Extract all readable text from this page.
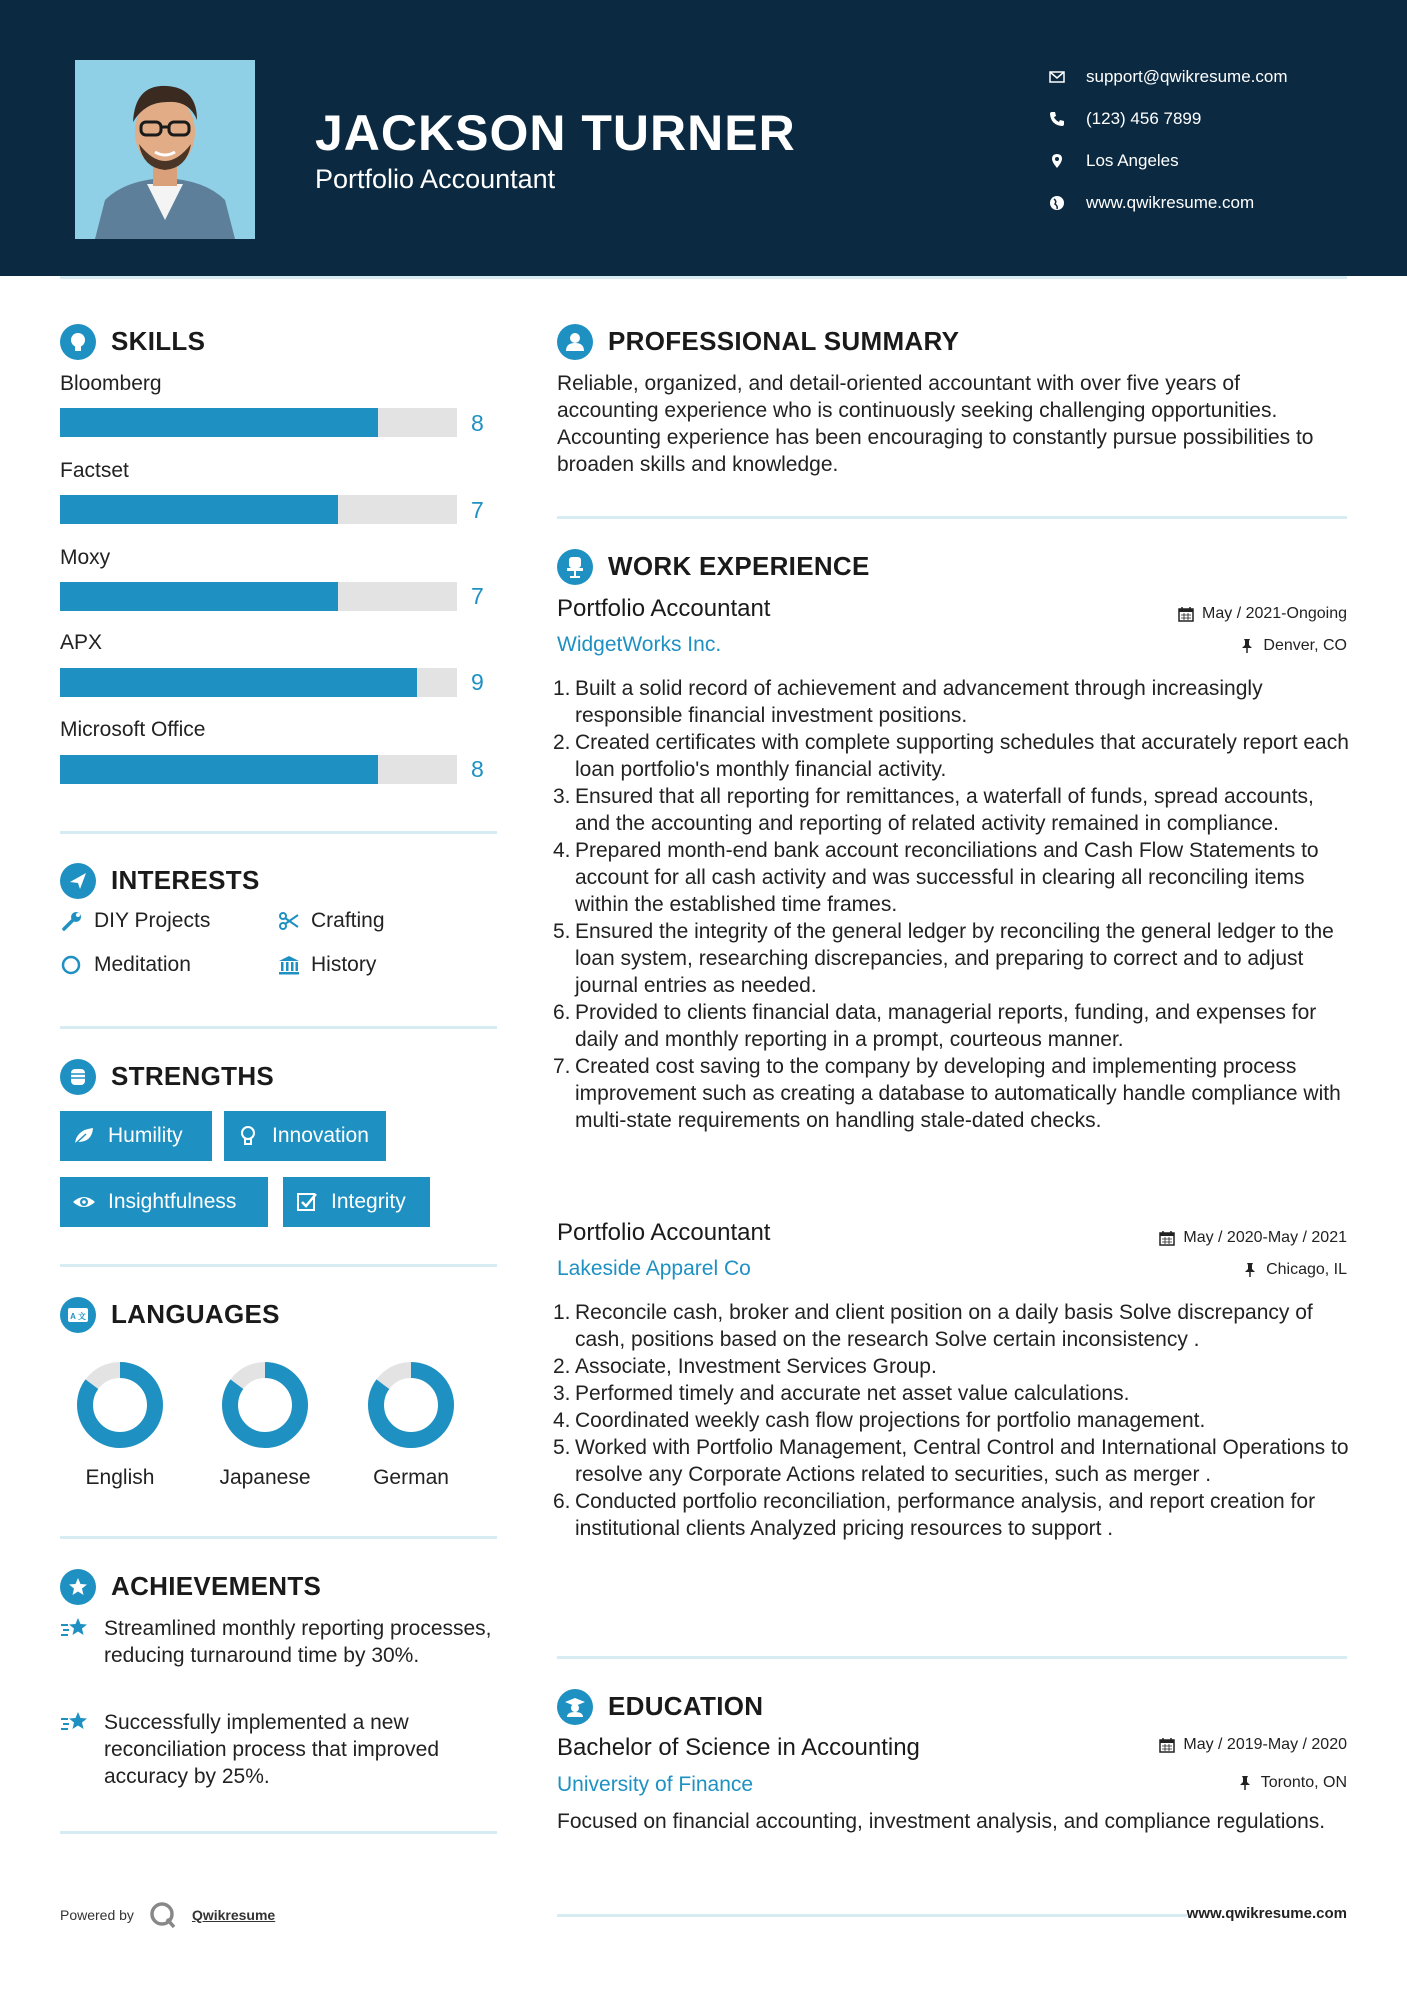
JACKSON TURNER
Portfolio Accountant
support@qwikresume.com
(123) 456 7899
Los Angeles
www.qwikresume.com
SKILLS
Bloomberg
8
Factset
7
Moxy
7
APX
9
Microsoft Office
8
INTERESTS
DIY Projects	Crafting
Meditation	History
STRENGTHS
Humility	Innovation
Insightfulness	Integrity
A 文 LANGUAGES
English	Japanese	German
ACHIEVEMENTS
Streamlined monthly reporting processes, reducing turnaround time by 30%.
Successfully implemented a new reconciliation process that improved accuracy by 25%.
Powered by	Qwikresume
PROFESSIONAL SUMMARY
Reliable, organized, and detail-oriented accountant with over five years of accounting experience who is continuously seeking challenging opportunities. Accounting experience has been encouraging to constantly pursue possibilities to broaden skills and knowledge.
WORK EXPERIENCE
Portfolio Accountant	May / 2021-Ongoing
WidgetWorks Inc.	Denver, CO
1. Built a solid record of achievement and advancement through increasingly responsible financial investment positions.
2. Created certificates with complete supporting schedules that accurately report each loan portfolio's monthly financial activity.
3. Ensured that all reporting for remittances, a waterfall of funds, spread accounts, and the accounting and reporting of related activity remained in compliance.
4. Prepared month-end bank account reconciliations and Cash Flow Statements to account for all cash activity and was successful in clearing all reconciling items within the established time frames.
5. Ensured the integrity of the general ledger by reconciling the general ledger to the loan system, researching discrepancies, and preparing to correct and to adjust journal entries as needed.
6. Provided to clients financial data, managerial reports, funding, and expenses for daily and monthly reporting in a prompt, courteous manner.
7. Created cost saving to the company by developing and implementing process improvement such as creating a database to automatically handle compliance with multi-state requirements on handling stale-dated checks.
Portfolio Accountant	May / 2020-May / 2021
Lakeside Apparel Co	Chicago, IL
1. Reconcile cash, broker and client position on a daily basis Solve discrepancy of cash, positions based on the research Solve certain inconsistency .
2. Associate, Investment Services Group.
3. Performed timely and accurate net asset value calculations.
4. Coordinated weekly cash flow projections for portfolio management.
5. Worked with Portfolio Management, Central Control and International Operations to resolve any Corporate Actions related to securities, such as merger .
6. Conducted portfolio reconciliation, performance analysis, and report creation for institutional clients Analyzed pricing resources to support .
EDUCATION
Bachelor of Science in Accounting	May / 2019-May / 2020
University of Finance	Toronto, ON
Focused on financial accounting, investment analysis, and compliance regulations.
www.qwikresume.com
